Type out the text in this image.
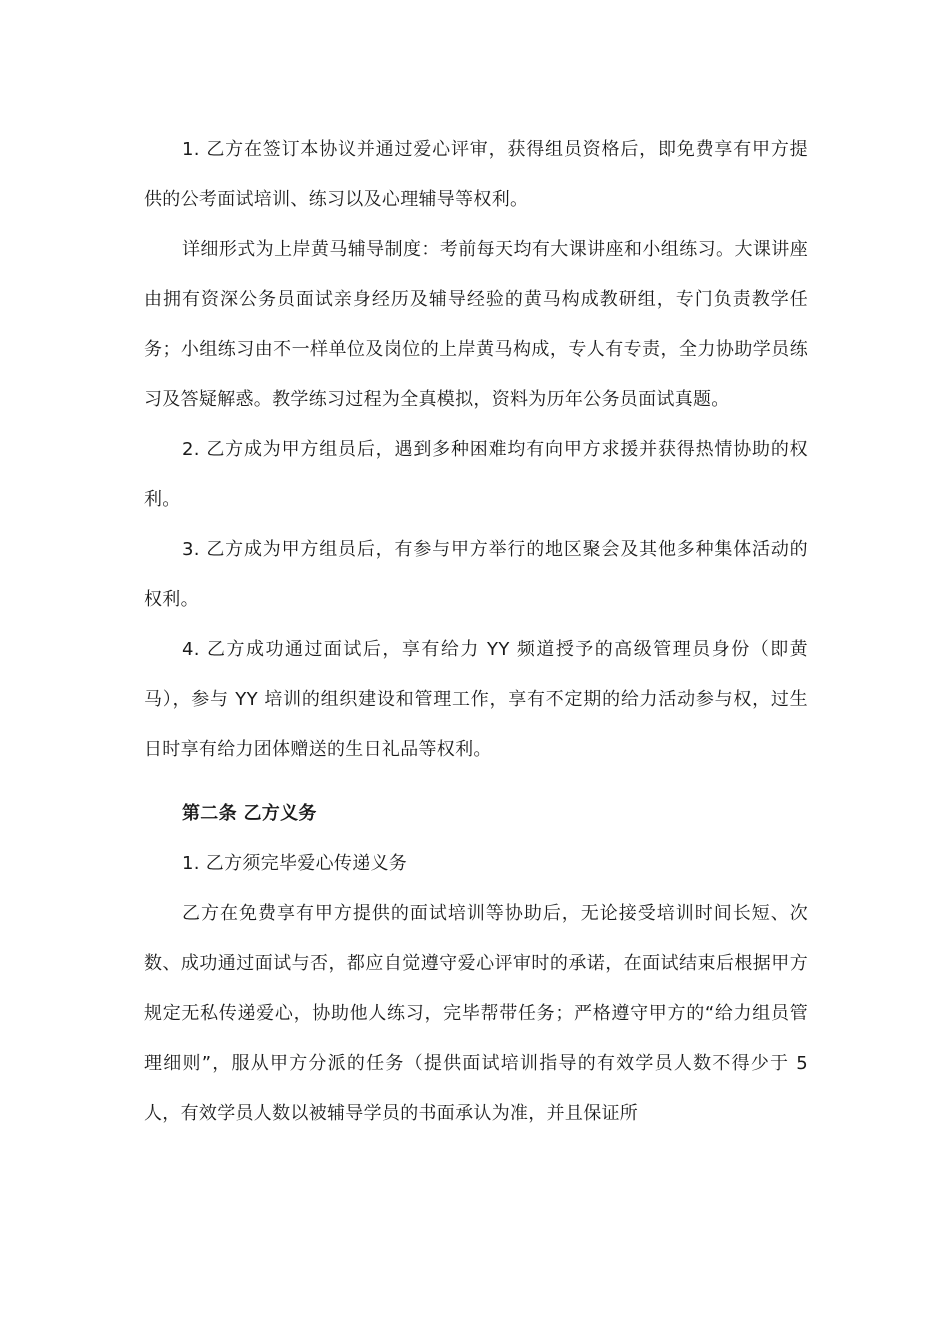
1. 乙方在签订本协议并通过爱心评审，获得组员资格后，即免费享有甲方提供的公考面试培训、练习以及心理辅导等权利。

详细形式为上岸黄马辅导制度：考前每天均有大课讲座和小组练习。大课讲座由拥有资深公务员面试亲身经历及辅导经验的黄马构成教研组，专门负责教学任务；小组练习由不一样单位及岗位的上岸黄马构成，专人有专责，全力协助学员练习及答疑解惑。教学练习过程为全真模拟，资料为历年公务员面试真题。

2. 乙方成为甲方组员后，遇到多种困难均有向甲方求援并获得热情协助的权利。

3. 乙方成为甲方组员后，有参与甲方举行的地区聚会及其他多种集体活动的权利。

4. 乙方成功通过面试后，享有给力 YY 频道授予的高级管理员身份（即黄马），参与 YY 培训的组织建设和管理工作，享有不定期的给力活动参与权，过生日时享有给力团体赠送的生日礼品等权利。

第二条 乙方义务

1. 乙方须完毕爱心传递义务

乙方在免费享有甲方提供的面试培训等协助后，无论接受培训时间长短、次数、成功通过面试与否，都应自觉遵守爱心评审时的承诺，在面试结束后根据甲方规定无私传递爱心，协助他人练习，完毕帮带任务；严格遵守甲方的“给力组员管理细则”，服从甲方分派的任务（提供面试培训指导的有效学员人数不得少于 5 人，有效学员人数以被辅导学员的书面承认为准，并且保证所
